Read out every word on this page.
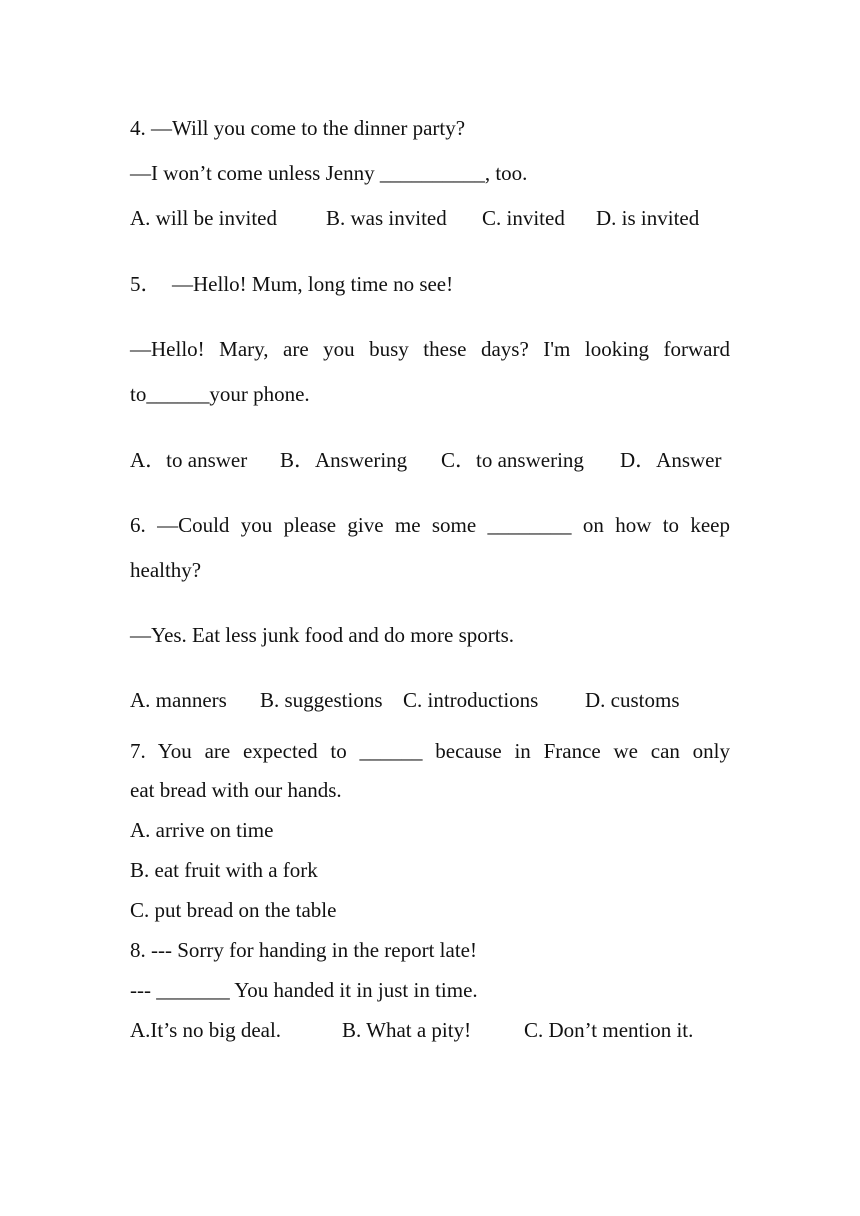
4. —Will you come to the dinner party?
—I won’t come unless Jenny __________, too.

A. will be invited

B. was invited

C. invited

D. is invited

5．  —Hello! Mum, long time no see!
—Hello! Mary, are you busy these days? I'm looking forward
to______your phone.

A．to answer

B．Answering

C．to answering

D．Answer

6. —Could you please give me some ________ on how to keep
healthy?
—Yes. Eat less junk food and do more sports.

A. manners

B. suggestions

C. introductions

D. customs

7. You are expected to ______ because in France we can only
eat bread with our hands.
A. arrive on time
B. eat fruit with a fork
C. put bread on the table
8. --- Sorry for handing in the report late!
--- _______ You handed it in just in time.

A.It’s no big deal.

	B. What a pity!

	C. Don’t mention it.
